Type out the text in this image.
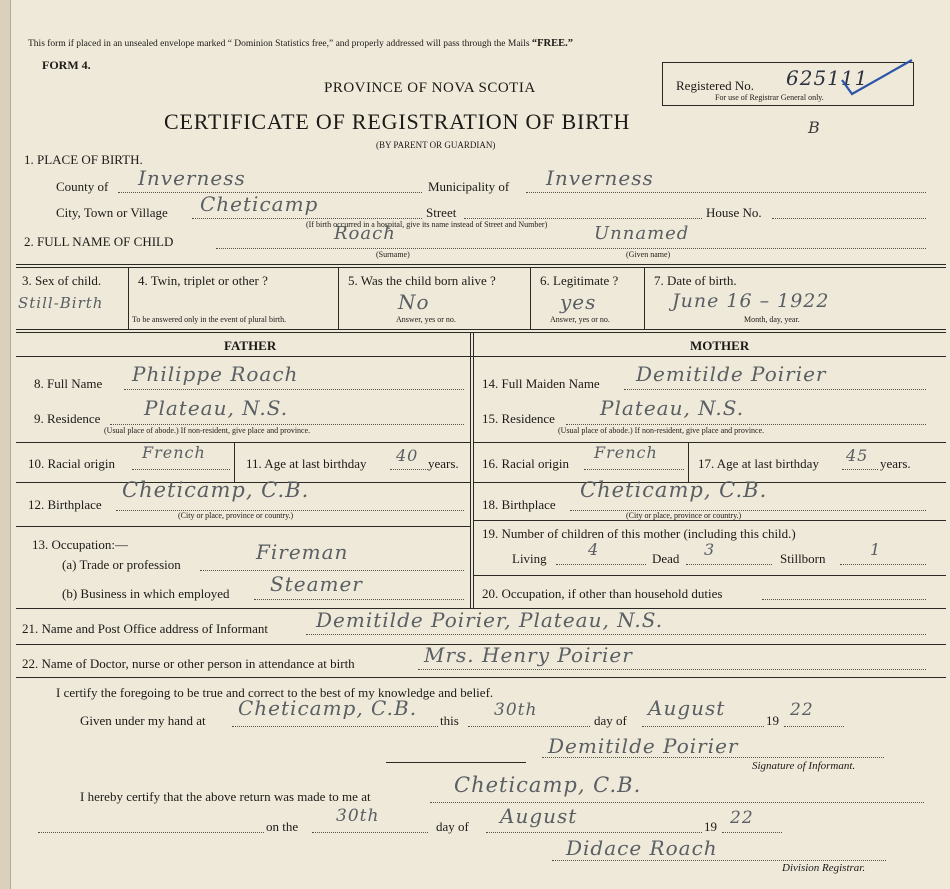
This form if placed in an unsealed envelope marked “ Dominion Statistics free,” and properly addressed will pass through the Mails “FREE.”
FORM 4.
PROVINCE OF NOVA SCOTIA
CERTIFICATE OF REGISTRATION OF BIRTH
(BY PARENT OR GUARDIAN)
Registered No. 625111
For use of Registrar General only.
B
1. PLACE OF BIRTH.
County of Inverness	Municipality of Inverness
City, Town or Village Cheticamp	Street	House No.
(If birth occurred in a hospital, give its name instead of Street and Number)
2. FULL NAME OF CHILD	Roach	Unnamed
(Surname)	(Given name)
3. Sex of child.
Still-Birth
4. Twin, triplet or other ?
To be answered only in the event of plural birth.
5. Was the child born alive ?
No
Answer, yes or no.
6. Legitimate ?
yes
Answer, yes or no.
7. Date of birth.
June 16 – 1922
Month, day, year.
FATHER	MOTHER
8. Full Name Philippe Roach
9. Residence Plateau, N.S.
(Usual place of abode.) If non-resident, give place and province.
10. Racial origin
French
11. Age at last birthday 40 years.
12. Birthplace
Cheticamp, C.B.
(City or place, province or country.)
13. Occupation:—
(a) Trade or profession
Fireman
(b) Business in which employed Steamer
14. Full Maiden Name Demitilde Poirier
15. Residence Plateau, N.S.
(Usual place of abode.) If non-resident, give place and province.
16. Racial origin
French
17. Age at last birthday 45 years.
18. Birthplace
Cheticamp, C.B.
(City or place, province or country.)
19. Number of children of this mother (including this child.)
Living	4	Dead 3	Stillborn	1
20. Occupation, if other than household duties
21. Name and Post Office address of Informant Demitilde Poirier, Plateau, N.S.
22. Name of Doctor, nurse or other person in attendance at birth	Mrs. Henry Poirier
I certify the foregoing to be true and correct to the best of my knowledge and belief.
Given under my hand at
Cheticamp, C.B.
this
30th
day of
August
19
22
Demitilde Poirier
Signature of Informant.
I hereby certify that the above return was made to me at	Cheticamp, C.B.
on the
30th
day of August	19 22
Didace Roach
Division Registrar.
